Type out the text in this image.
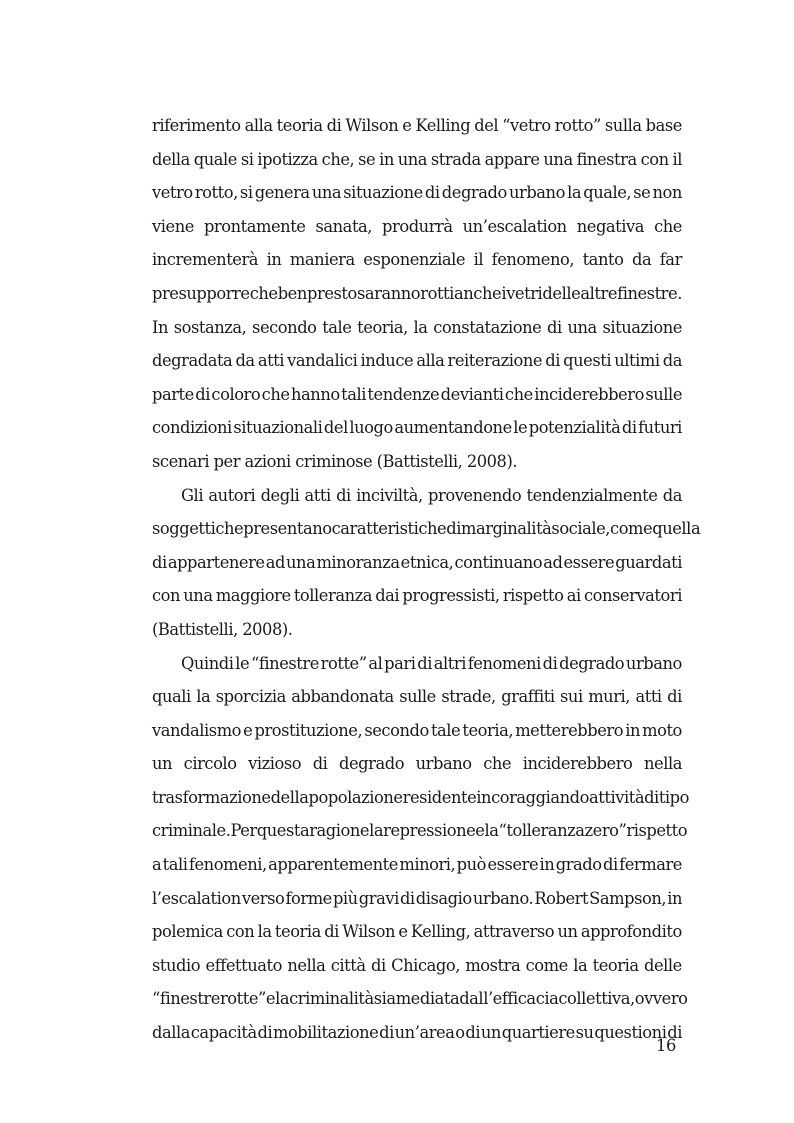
riferimento alla teoria di Wilson e Kelling del “vetro rotto” sulla base
della quale si ipotizza che, se in una strada appare una finestra con il
vetro rotto, si genera una situazione di degrado urbano la quale, se non
viene prontamente sanata, produrrà un’escalation negativa che
incrementerà in maniera esponenziale il fenomeno, tanto da far
presupporre che ben presto saranno rotti anche i vetri delle altre finestre.
In sostanza, secondo tale teoria, la constatazione di una situazione
degradata da atti vandalici induce alla reiterazione di questi ultimi da
parte di coloro che hanno tali tendenze devianti che inciderebbero sulle
condizioni situazionali del luogo aumentandone le potenzialità di futuri
scenari per azioni criminose (Battistelli, 2008).

Gli autori degli atti di inciviltà, provenendo tendenzialmente da
soggetti che presentano caratteristiche di marginalità sociale, come quella
di appartenere ad una minoranza etnica, continuano ad essere guardati
con una maggiore tolleranza dai progressisti, rispetto ai conservatori
(Battistelli, 2008).

Quindi le “finestre rotte” al pari di altri fenomeni di degrado urbano
quali la sporcizia abbandonata sulle strade, graffiti sui muri, atti di
vandalismo e prostituzione, secondo tale teoria, metterebbero in moto
un circolo vizioso di degrado urbano che inciderebbero nella
trasformazione della popolazione residente incoraggiando attività di tipo
criminale. Per questa ragione la repressione e la “tolleranza zero” rispetto
a tali fenomeni, apparentemente minori, può essere in grado di fermare
l’escalation verso forme più gravi di disagio urbano. Robert Sampson, in
polemica con la teoria di Wilson e Kelling, attraverso un approfondito
studio effettuato nella città di Chicago, mostra come la teoria delle
“finestre rotte” e la criminalità sia mediata dall’efficacia collettiva, ovvero
dalla capacità di mobilitazione di un’area o di un quartiere su questioni di

16
